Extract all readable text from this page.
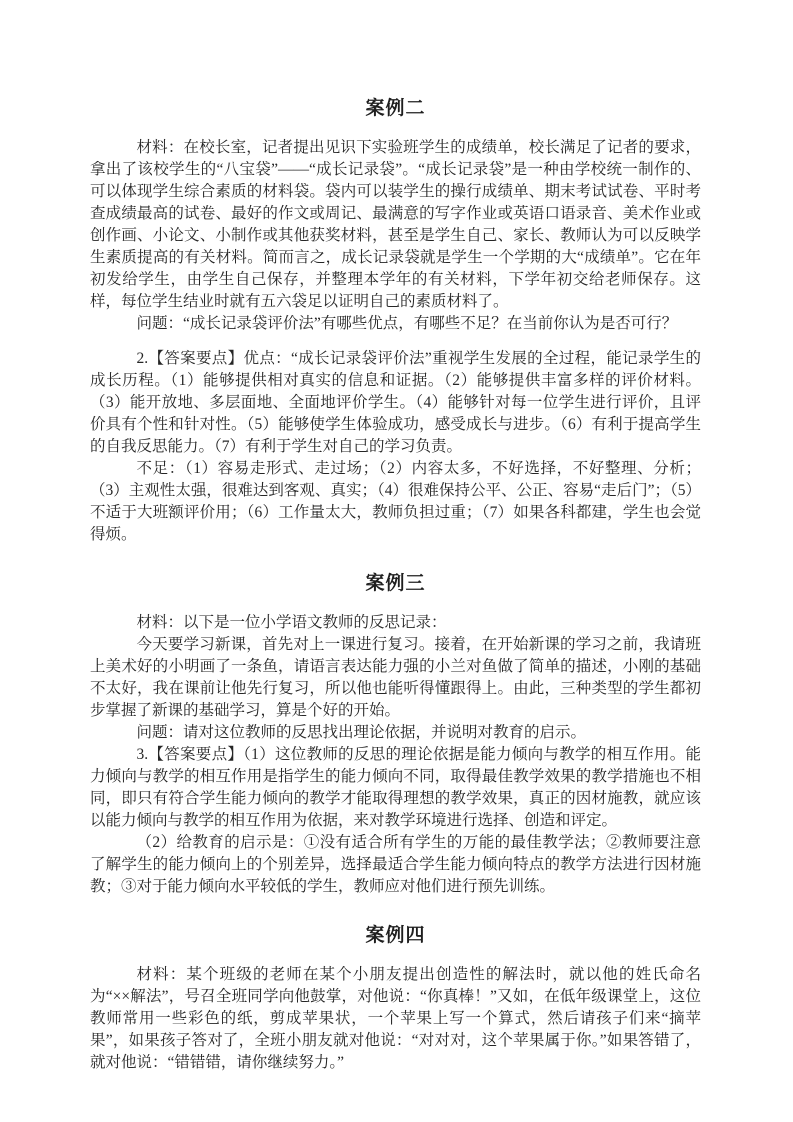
案例二

材料：在校长室，记者提出见识下实验班学生的成绩单，校长满足了记者的要求，拿出了该校学生的“八宝袋”——“成长记录袋”。“成长记录袋”是一种由学校统一制作的、可以体现学生综合素质的材料袋。袋内可以装学生的操行成绩单、期末考试试卷、平时考查成绩最高的试卷、最好的作文或周记、最满意的写字作业或英语口语录音、美术作业或创作画、小论文、小制作或其他获奖材料，甚至是学生自己、家长、教师认为可以反映学生素质提高的有关材料。简而言之，成长记录袋就是学生一个学期的大“成绩单”。它在年初发给学生，由学生自己保存，并整理本学年的有关材料，下学年初交给老师保存。这样，每位学生结业时就有五六袋足以证明自己的素质材料了。

问题：“成长记录袋评价法”有哪些优点，有哪些不足？在当前你认为是否可行？

2.【答案要点】优点：“成长记录袋评价法”重视学生发展的全过程，能记录学生的成长历程。（1）能够提供相对真实的信息和证据。（2）能够提供丰富多样的评价材料。（3）能开放地、多层面地、全面地评价学生。（4）能够针对每一位学生进行评价，且评价具有个性和针对性。（5）能够使学生体验成功，感受成长与进步。（6）有利于提高学生的自我反思能力。（7）有利于学生对自己的学习负责。

不足：（1）容易走形式、走过场；（2）内容太多，不好选择，不好整理、分析；（3）主观性太强，很难达到客观、真实；（4）很难保持公平、公正、容易“走后门”；（5）不适于大班额评价用；（6）工作量太大，教师负担过重；（7）如果各科都建，学生也会觉得烦。

案例三

材料：以下是一位小学语文教师的反思记录：

今天要学习新课，首先对上一课进行复习。接着，在开始新课的学习之前，我请班上美术好的小明画了一条鱼，请语言表达能力强的小兰对鱼做了简单的描述，小刚的基础不太好，我在课前让他先行复习，所以他也能听得懂跟得上。由此，三种类型的学生都初步掌握了新课的基础学习，算是个好的开始。

问题：请对这位教师的反思找出理论依据，并说明对教育的启示。

3.【答案要点】（1）这位教师的反思的理论依据是能力倾向与教学的相互作用。能力倾向与教学的相互作用是指学生的能力倾向不同，取得最佳教学效果的教学措施也不相同，即只有符合学生能力倾向的教学才能取得理想的教学效果，真正的因材施教，就应该以能力倾向与教学的相互作用为依据，来对教学环境进行选择、创造和评定。

（2）给教育的启示是：①没有适合所有学生的万能的最佳教学法；②教师要注意了解学生的能力倾向上的个别差异，选择最适合学生能力倾向特点的教学方法进行因材施教；③对于能力倾向水平较低的学生，教师应对他们进行预先训练。

案例四

材料：某个班级的老师在某个小朋友提出创造性的解法时，就以他的姓氏命名为“××解法”，号召全班同学向他鼓掌，对他说：“你真棒！”又如，在低年级课堂上，这位教师常用一些彩色的纸，剪成苹果状，一个苹果上写一个算式，然后请孩子们来“摘苹果”，如果孩子答对了，全班小朋友就对他说：“对对对，这个苹果属于你。”如果答错了，就对他说：“错错错，请你继续努力。”
